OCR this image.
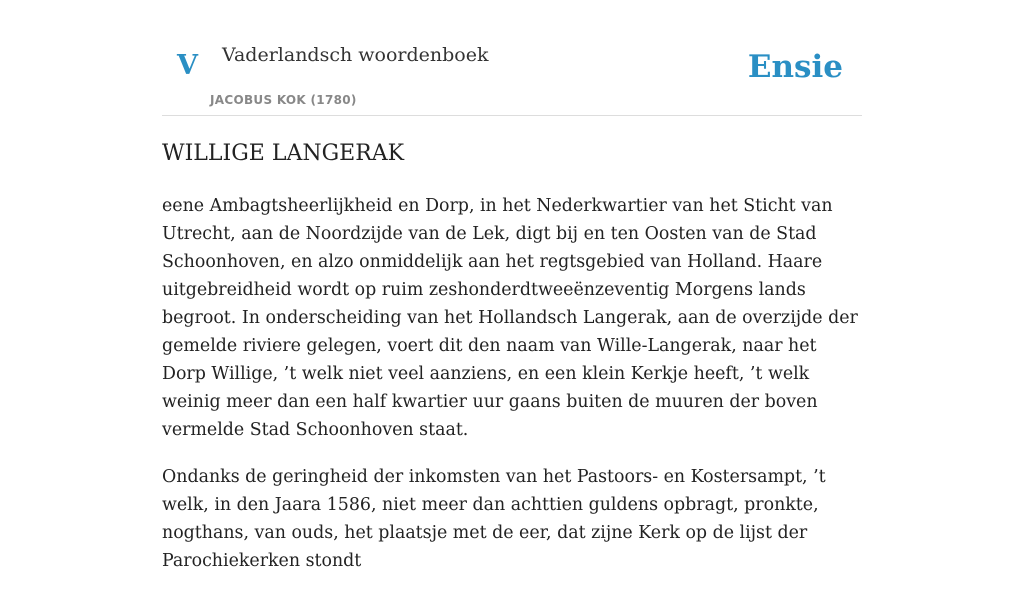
V Vaderlandsch woordenboek
JACOBUS KOK (1780)
Ensie
WILLIGE LANGERAK

eene Ambagtsheerlijkheid en Dorp, in het Nederkwartier van het Sticht van Utrecht, aan de Noordzijde van de Lek, digt bij en ten Oosten van de Stad Schoonhoven, en alzo onmiddelijk aan het regtsgebied van Holland. Haare uitgebreidheid wordt op ruim zeshonderdtweeënzeventig Morgens lands begroot. In onderscheiding van het Hollandsch Langerak, aan de overzijde der gemelde riviere gelegen, voert dit den naam van Wille-Langerak, naar het Dorp Willige, ’t welk niet veel aanziens, en een klein Kerkje heeft, ’t welk weinig meer dan een half kwartier uur gaans buiten de muuren der boven vermelde Stad Schoonhoven staat.

Ondanks de geringheid der inkomsten van het Pastoors- en Kostersampt, ’t welk, in den Jaara 1586, niet meer dan achttien guldens opbragt, pronkte, nogthans, van ouds, het plaatsje met de eer, dat zijne Kerk op de lijst der Parochiekerken stondt
